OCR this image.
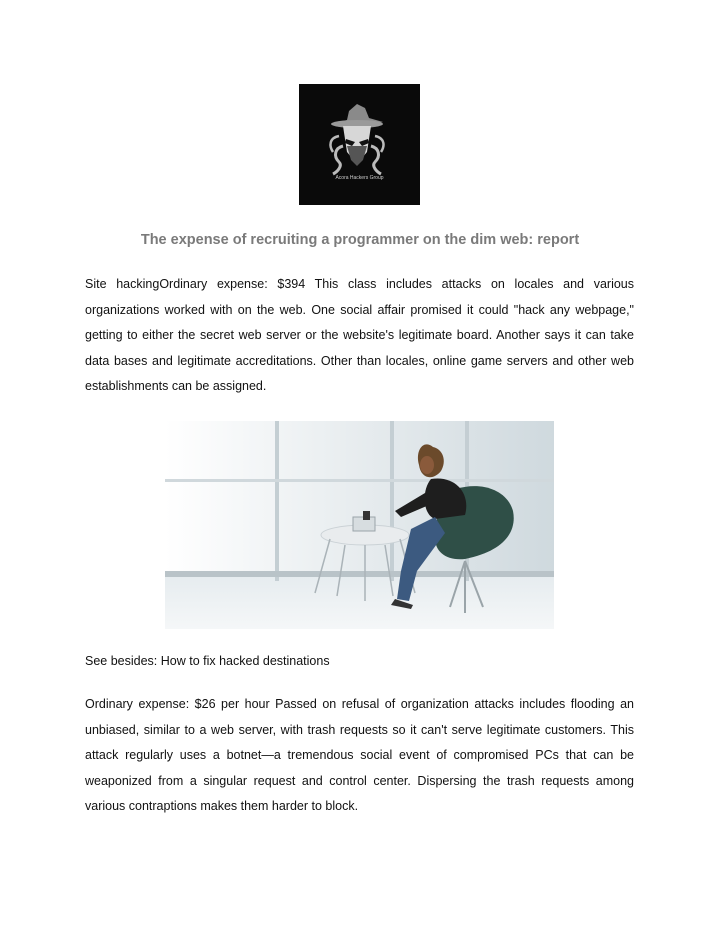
Acora Hackers Group
The expense of recruiting a programmer on the dim web: report

Site hackingOrdinary expense: $394 This class includes attacks on locales and various organizations worked with on the web. One social affair promised it could "hack any webpage," getting to either the secret web server or the website's legitimate board. Another says it can take data bases and legitimate accreditations. Other than locales, online game servers and other web establishments can be assigned.

See besides: How to fix hacked destinations

Ordinary expense: $26 per hour Passed on refusal of organization attacks includes flooding an unbiased, similar to a web server, with trash requests so it can't serve legitimate customers. This attack regularly uses a botnet—a tremendous social event of compromised PCs that can be weaponized from a singular request and control center. Dispersing the trash requests among various contraptions makes them harder to block.
